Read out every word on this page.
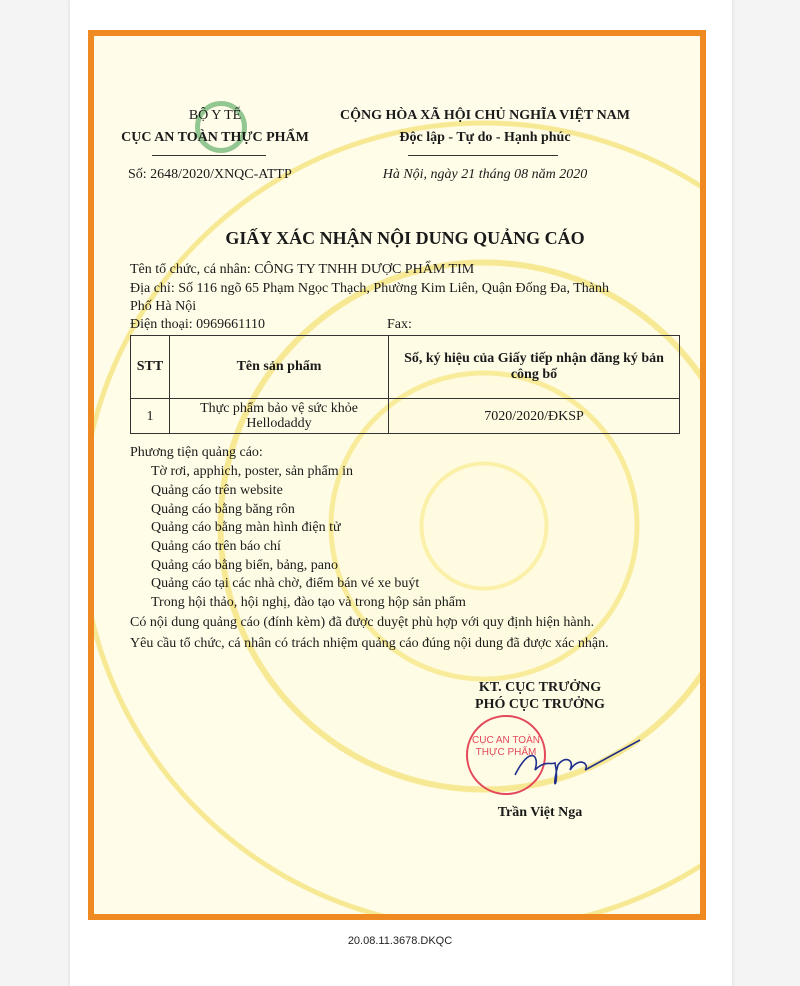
BỘ Y TẾ
CỤC AN TOÀN THỰC PHẨM
Số: 2648/2020/XNQC-ATTP
CỘNG HÒA XÃ HỘI CHỦ NGHĨA VIỆT NAM
Độc lập - Tự do - Hạnh phúc
Hà Nội, ngày 21 tháng 08 năm 2020
GIẤY XÁC NHẬN NỘI DUNG QUẢNG CÁO
Tên tổ chức, cá nhân: CÔNG TY TNHH DƯỢC PHẨM TIM
Địa chỉ: Số 116 ngõ 65 Phạm Ngọc Thạch, Phường Kim Liên, Quận Đống Đa, Thành
Phố Hà Nội
Điện thoại: 0969661110	Fax:
STT	Tên sản phẩm	Số, ký hiệu của Giấy tiếp nhận đăng ký bản công bố
1	Thực phẩm bảo vệ sức khỏe Hellodaddy	7020/2020/ĐKSP
Phương tiện quảng cáo:
Tờ rơi, apphich, poster, sản phẩm in
Quảng cáo trên website
Quảng cáo bằng băng rôn
Quảng cáo bằng màn hình điện tử
Quảng cáo trên báo chí
Quảng cáo bằng biển, bảng, pano
Quảng cáo tại các nhà chờ, điểm bán vé xe buýt
Trong hội thảo, hội nghị, đào tạo và trong hộp sản phẩm
Có nội dung quảng cáo (đính kèm) đã được duyệt phù hợp với quy định hiện hành.
Yêu cầu tổ chức, cá nhân có trách nhiệm quảng cáo đúng nội dung đã được xác nhận.
KT. CỤC TRƯỞNG
PHÓ CỤC TRƯỞNG
CỤC AN TOÀN THỰC PHẨM
Trần Việt Nga
20.08.11.3678.DKQC
